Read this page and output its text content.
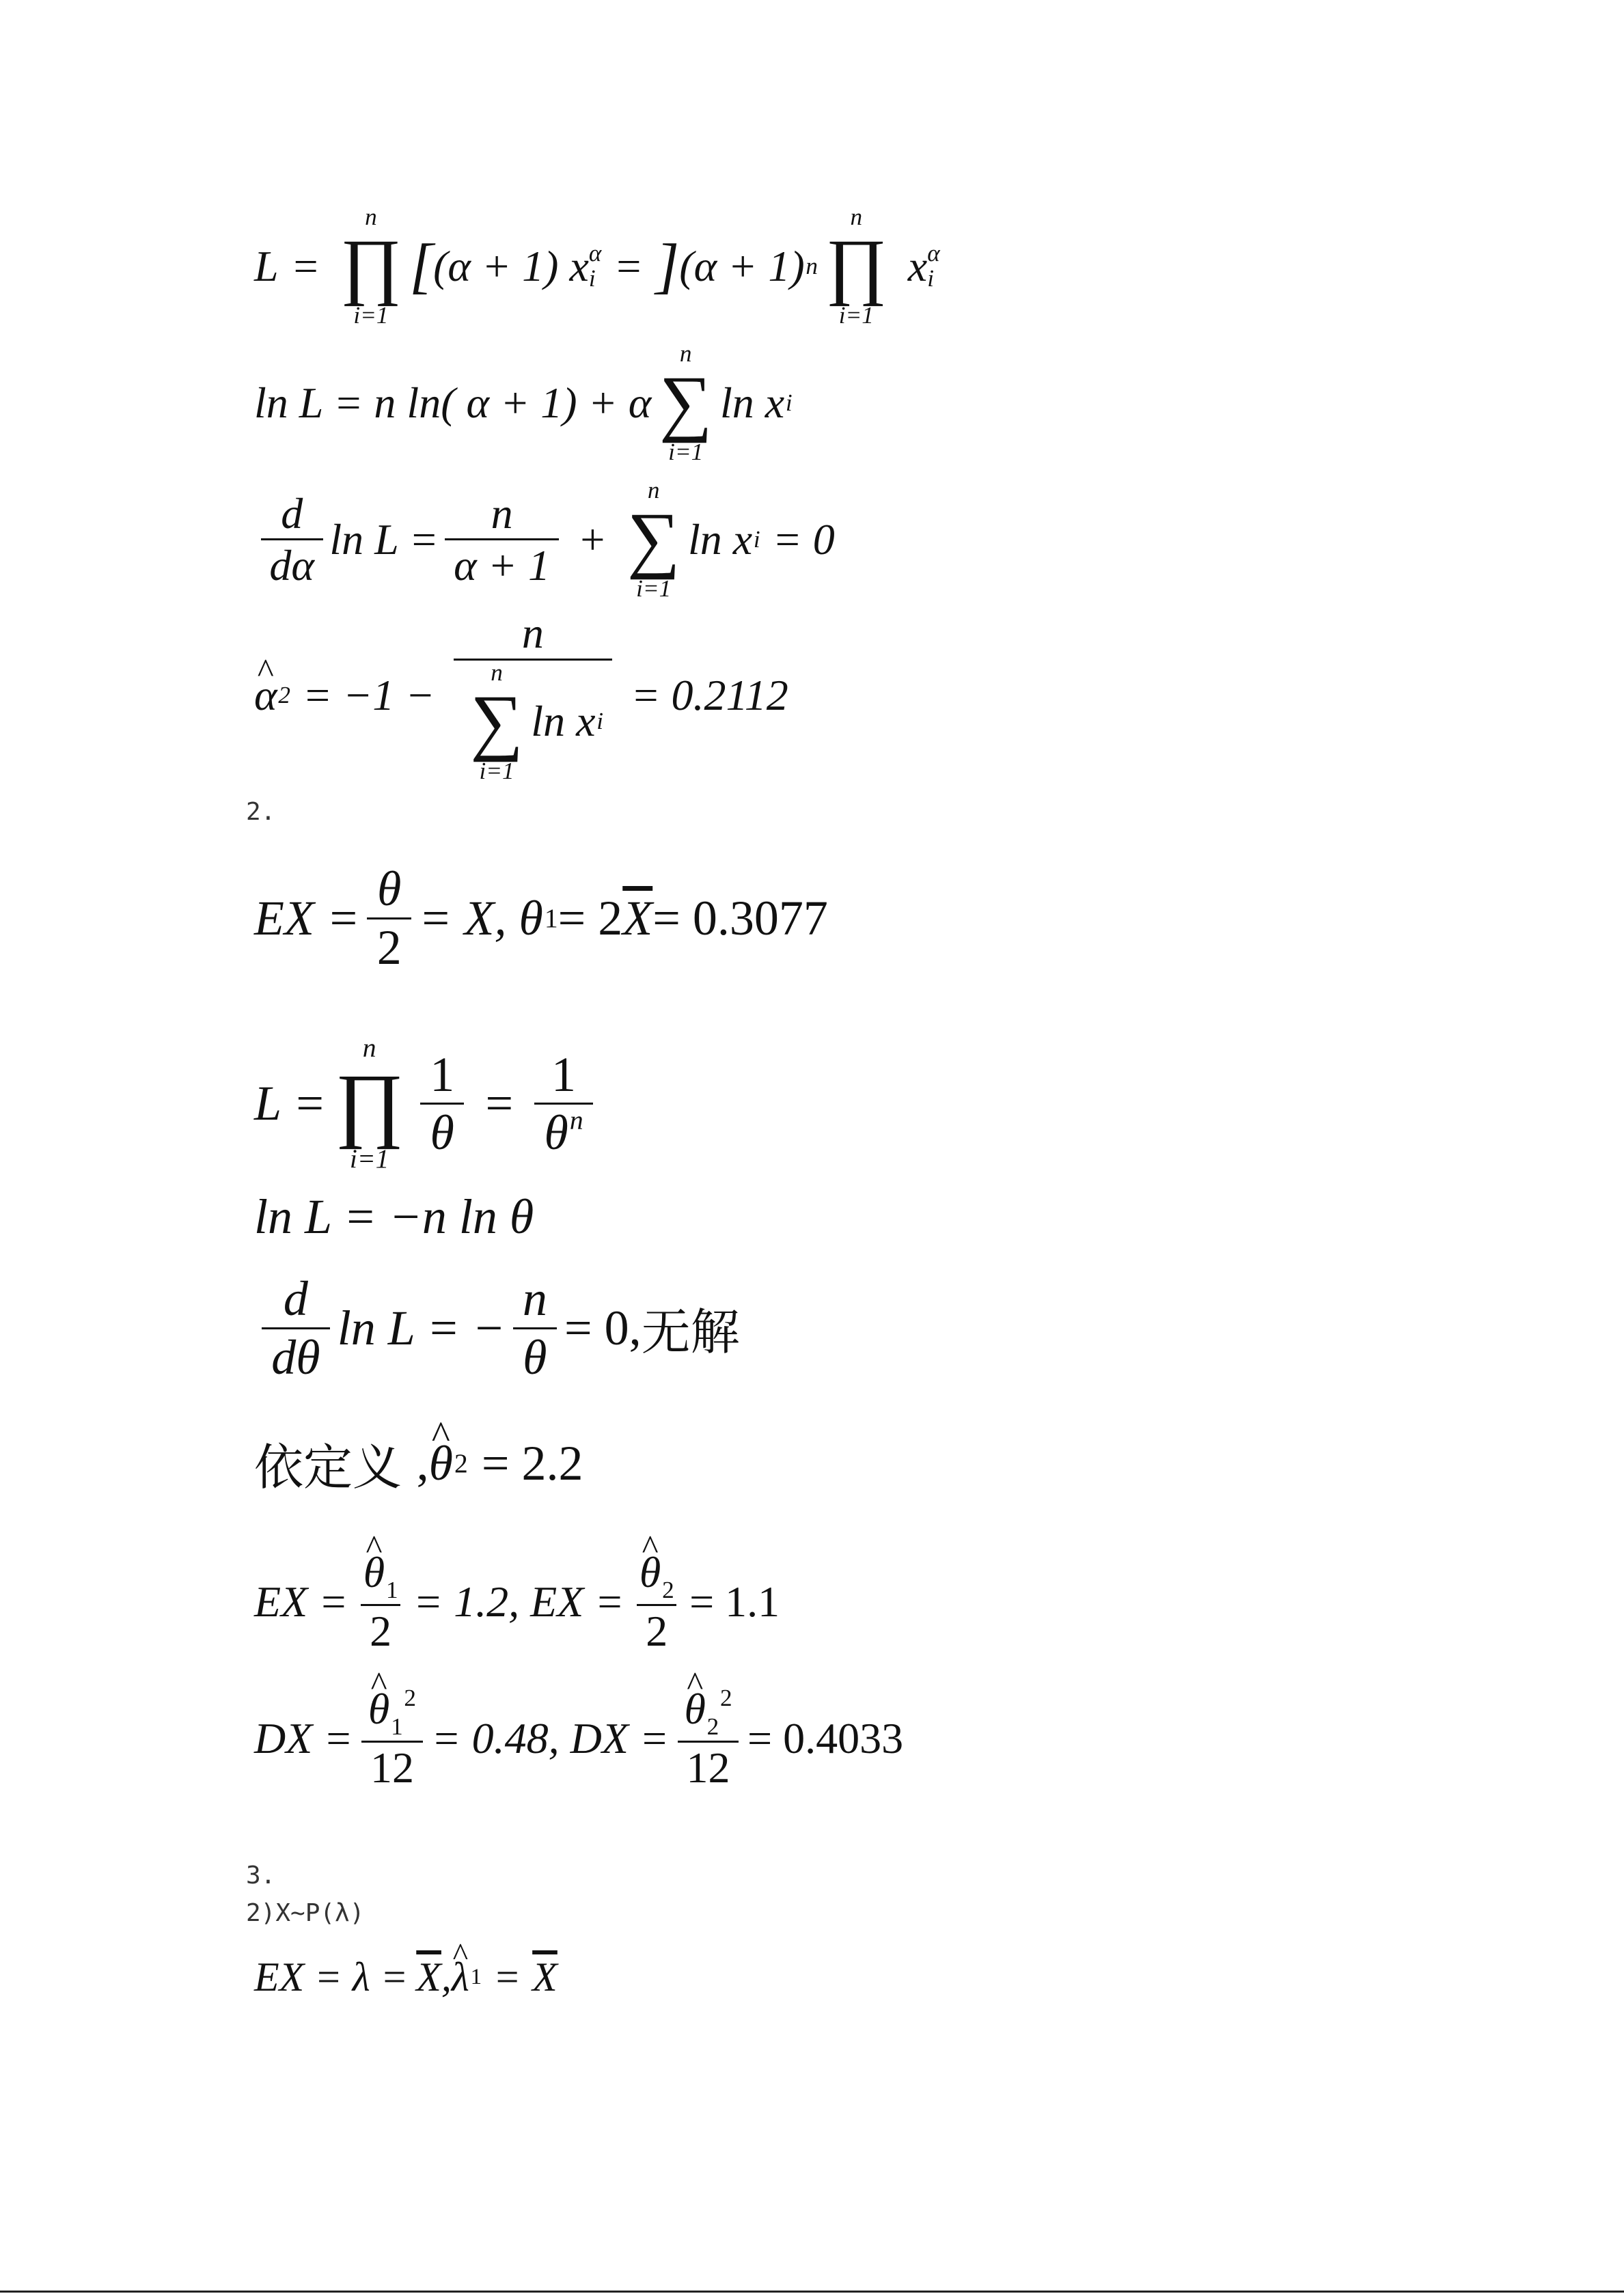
L =
n
∏
i=1
[ (α + 1) x α
i = ] (α + 1) n
n
∏
i=1
x α
i
ln L = n ln( α + 1) + α
n
∑
i=1
ln x i
$\frac{d}{d\alpha}$ $\ln L = \frac{n}{\alpha + 1}$ +
n
∑
i=1
ln x i = 0
^ α 2 = −1 − n
n
∑
i=1
ln x i = 0.2112
2.
EX = $\frac{\theta}{2} = X$, θ 1 = 2 $\overline{X} = 0.3077$
L =
n
∏
$i=1 \frac{1}{\theta} = \frac{1}{\theta^n}$
ln L = −n ln θ
$\frac{d}{d\theta}$ ln L = − $\frac{n}{\theta} = 0$, 无解
依定义 , ^ θ 2 = 2.2
EX = ^ $\frac{\theta_1}{2} = 1.2$, EX = ^ $\frac{\theta_2}{2} = 1.1$
DX = ^ $\frac{\theta_1^2}{12} = 0.48$, DX = ^ $\frac{\theta_2^2}{12} = 0.4033$
3.
2)X~P(λ)
EX = $\lambda = \overline{X}$ , ^ λ $1 = \overline{X}$
